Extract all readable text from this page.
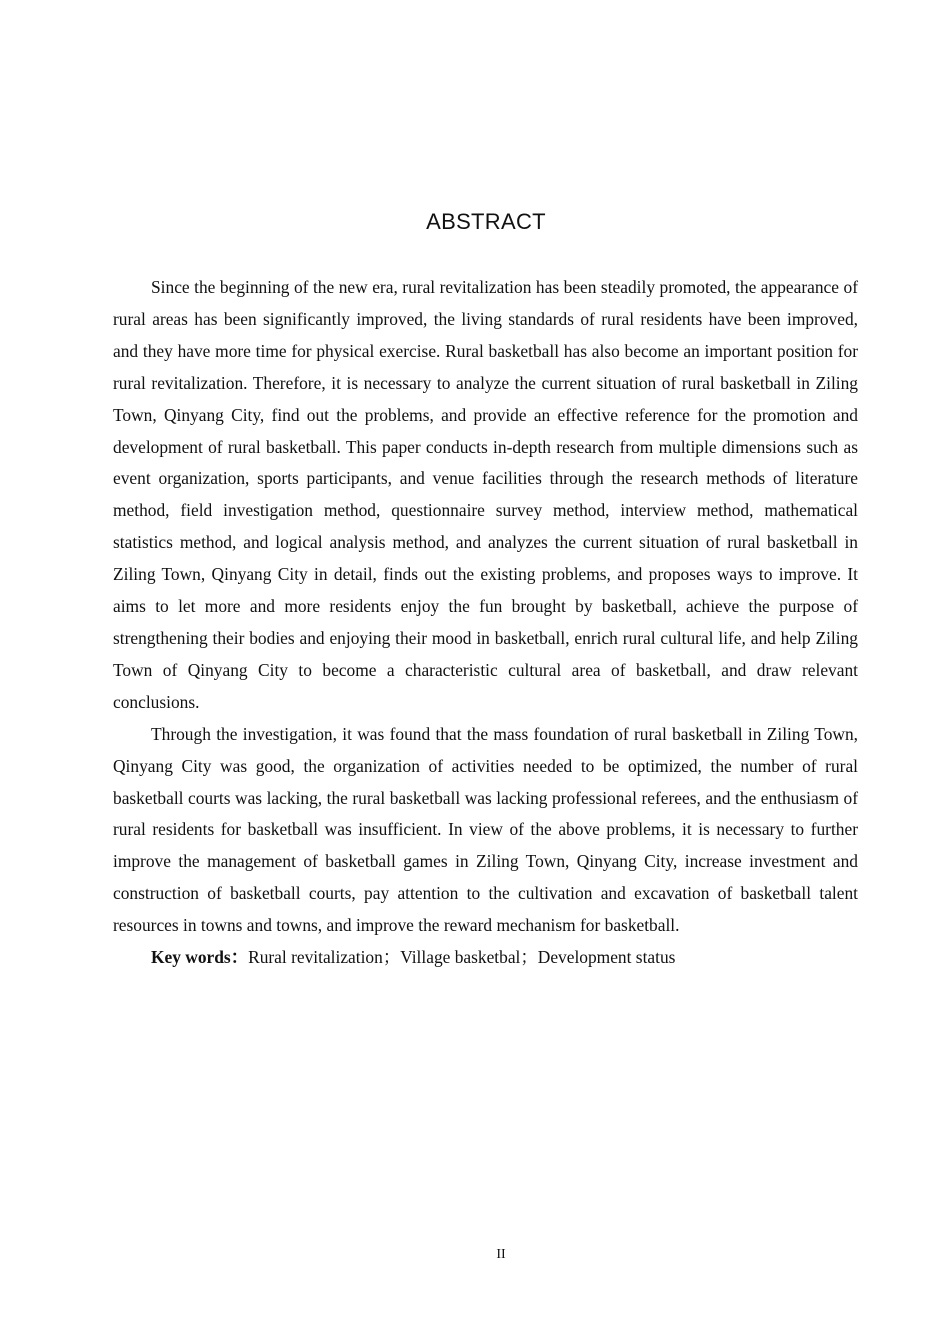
ABSTRACT

Since the beginning of the new era, rural revitalization has been steadily promoted, the appearance of rural areas has been significantly improved, the living standards of rural residents have been improved, and they have more time for physical exercise. Rural basketball has also become an important position for rural revitalization. Therefore, it is necessary to analyze the current situation of rural basketball in Ziling Town, Qinyang City, find out the problems, and provide an effective reference for the promotion and development of rural basketball. This paper conducts in-depth research from multiple dimensions such as event organization, sports participants, and venue facilities through the research methods of literature method, field investigation method, questionnaire survey method, interview method, mathematical statistics method, and logical analysis method, and analyzes the current situation of rural basketball in Ziling Town, Qinyang City in detail, finds out the existing problems, and proposes ways to improve. It aims to let more and more residents enjoy the fun brought by basketball, achieve the purpose of strengthening their bodies and enjoying their mood in basketball, enrich rural cultural life, and help Ziling Town of Qinyang City to become a characteristic cultural area of basketball, and draw relevant conclusions.

Through the investigation, it was found that the mass foundation of rural basketball in Ziling Town, Qinyang City was good, the organization of activities needed to be optimized, the number of rural basketball courts was lacking, the rural basketball was lacking professional referees, and the enthusiasm of rural residents for basketball was insufficient. In view of the above problems, it is necessary to further improve the management of basketball games in Ziling Town, Qinyang City, increase investment and construction of basketball courts, pay attention to the cultivation and excavation of basketball talent resources in towns and towns, and improve the reward mechanism for basketball.

Key words：Rural revitalization；Village basketbal；Development status

II
